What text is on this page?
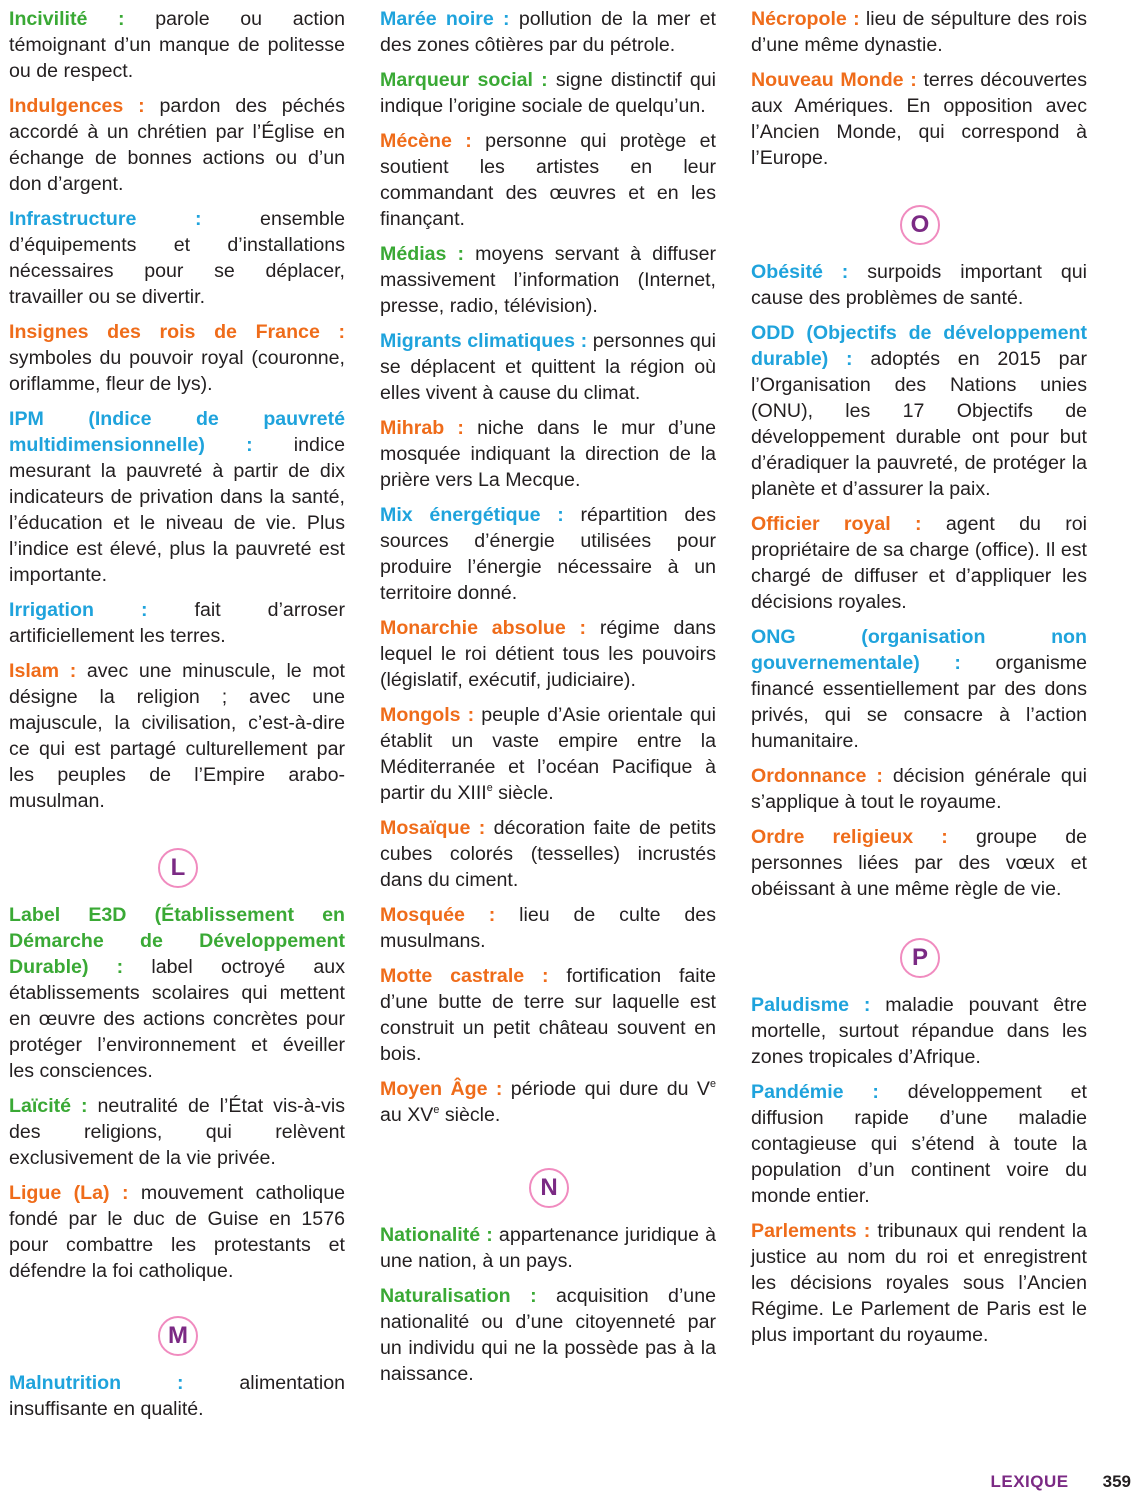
Incivilité : parole ou action témoignant d’un manque de politesse ou de respect.

Indulgences : pardon des péchés accordé à un chrétien par l’Église en échange de bonnes actions ou d’un don d’argent.

Infrastructure : ensemble d’équipements et d’installations nécessaires pour se déplacer, travailler ou se divertir.

Insignes des rois de France : symboles du pouvoir royal (couronne, oriflamme, fleur de lys).

IPM (Indice de pauvreté multidimensionnelle) : indice mesurant la pauvreté à partir de dix indicateurs de privation dans la santé, l’éducation et le niveau de vie. Plus l’indice est élevé, plus la pauvreté est importante.

Irrigation : fait d’arroser artificiellement les terres.

Islam : avec une minuscule, le mot désigne la religion ; avec une majuscule, la civilisation, c’est-à-dire ce qui est partagé culturellement par les peuples de l’Empire arabo-musulman.

L

Label E3D (Établissement en Démarche de Développement Durable) : label octroyé aux établissements scolaires qui mettent en œuvre des actions concrètes pour protéger l’environnement et éveiller les consciences.

Laïcité : neutralité de l’État vis-à-vis des religions, qui relèvent exclusivement de la vie privée.

Ligue (La) : mouvement catholique fondé par le duc de Guise en 1576 pour combattre les protestants et défendre la foi catholique.

M

Malnutrition : alimentation insuffisante en qualité.

Marée noire : pollution de la mer et des zones côtières par du pétrole.

Marqueur social : signe distinctif qui indique l’origine sociale de quelqu’un.

Mécène : personne qui protège et soutient les artistes en leur commandant des œuvres et en les finançant.

Médias : moyens servant à diffuser massivement l’information (Internet, presse, radio, télévision).

Migrants climatiques : personnes qui se déplacent et quittent la région où elles vivent à cause du climat.

Mihrab : niche dans le mur d’une mosquée indiquant la direction de la prière vers La Mecque.

Mix énergétique : répartition des sources d’énergie utilisées pour produire l’énergie nécessaire à un territoire donné.

Monarchie absolue : régime dans lequel le roi détient tous les pouvoirs (législatif, exécutif, judiciaire).

Mongols : peuple d’Asie orientale qui établit un vaste empire entre la Méditerranée et l’océan Pacifique à partir du XIIIe siècle.

Mosaïque : décoration faite de petits cubes colorés (tesselles) incrustés dans du ciment.

Mosquée : lieu de culte des musulmans.

Motte castrale : fortification faite d’une butte de terre sur laquelle est construit un petit château souvent en bois.

Moyen Âge : période qui dure du Ve au XVe siècle.

N

Nationalité : appartenance juridique à une nation, à un pays.

Naturalisation : acquisition d’une nationalité ou d’une citoyenneté par un individu qui ne la possède pas à la naissance.

Nécropole : lieu de sépulture des rois d’une même dynastie.

Nouveau Monde : terres découvertes aux Amériques. En opposition avec l’Ancien Monde, qui correspond à l’Europe.

O

Obésité : surpoids important qui cause des problèmes de santé.

ODD (Objectifs de développement durable) : adoptés en 2015 par l’Organisation des Nations unies (ONU), les 17 Objectifs de développement durable ont pour but d’éradiquer la pauvreté, de protéger la planète et d’assurer la paix.

Officier royal : agent du roi propriétaire de sa charge (office). Il est chargé de diffuser et d’appliquer les décisions royales.

ONG (organisation non gouvernementale) : organisme financé essentiellement par des dons privés, qui se consacre à l’action humanitaire.

Ordonnance : décision générale qui s’applique à tout le royaume.

Ordre religieux : groupe de personnes liées par des vœux et obéissant à une même règle de vie.

P

Paludisme : maladie pouvant être mortelle, surtout répandue dans les zones tropicales d’Afrique.

Pandémie : développement et diffusion rapide d’une maladie contagieuse qui s’étend à toute la population d’un continent voire du monde entier.

Parlements : tribunaux qui rendent la justice au nom du roi et enregistrent les décisions royales sous l’Ancien Régime. Le Parlement de Paris est le plus important du royaume.

LEXIQUE 359
